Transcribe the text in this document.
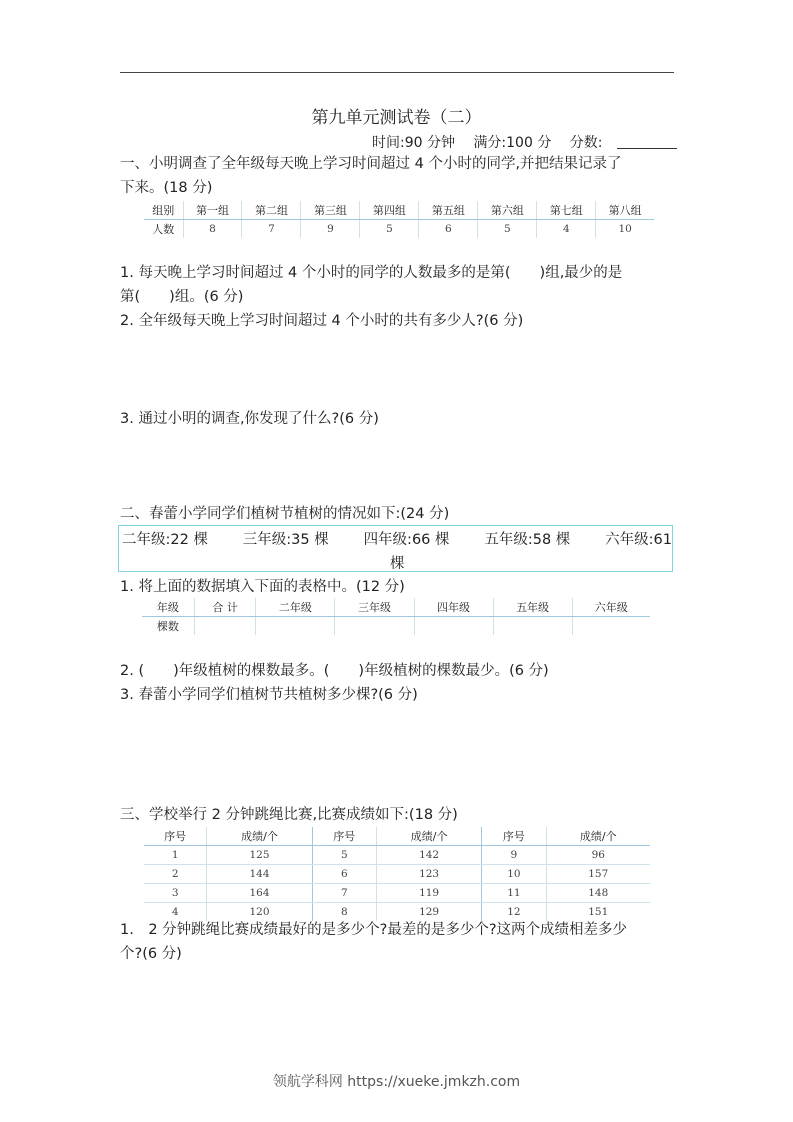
第九单元测试卷（二）
时间:90 分钟 满分:100 分 分数:
一、小明调查了全年级每天晚上学习时间超过 4 个小时的同学,并把结果记录了
下来。(18 分)
组别	第一组	第二组	第三组	第四组	第五组	第六组	第七组	第八组
人数	8	7	9	5	6	5	4	10
1. 每天晚上学习时间超过 4 个小时的同学的人数最多的是第(　　)组,最少的是
第(　　)组。(6 分)
2. 全年级每天晚上学习时间超过 4 个小时的共有多少人?(6 分)
3. 通过小明的调查,你发现了什么?(6 分)
二、春蕾小学同学们植树节植树的情况如下:(24 分)
二年级:22 棵 三年级:35 棵 四年级:66 棵 五年级:58 棵 六年级:61
棵
1. 将上面的数据填入下面的表格中。(12 分)
年级	合 计	二年级	三年级	四年级	五年级	六年级
棵数						
2. (　　)年级植树的棵数最多。(　　)年级植树的棵数最少。(6 分)
3. 春蕾小学同学们植树节共植树多少棵?(6 分)
三、学校举行 2 分钟跳绳比赛,比赛成绩如下:(18 分)
序号	成绩/个	序号	成绩/个	序号	成绩/个
1	125	5	142	9	96
2	144	6	123	10	157
3	164	7	119	11	148
4	120	8	129	12	151
1.　2 分钟跳绳比赛成绩最好的是多少个?最差的是多少个?这两个成绩相差多少
个?(6 分)
领航学科网 https://xueke.jmkzh.com
